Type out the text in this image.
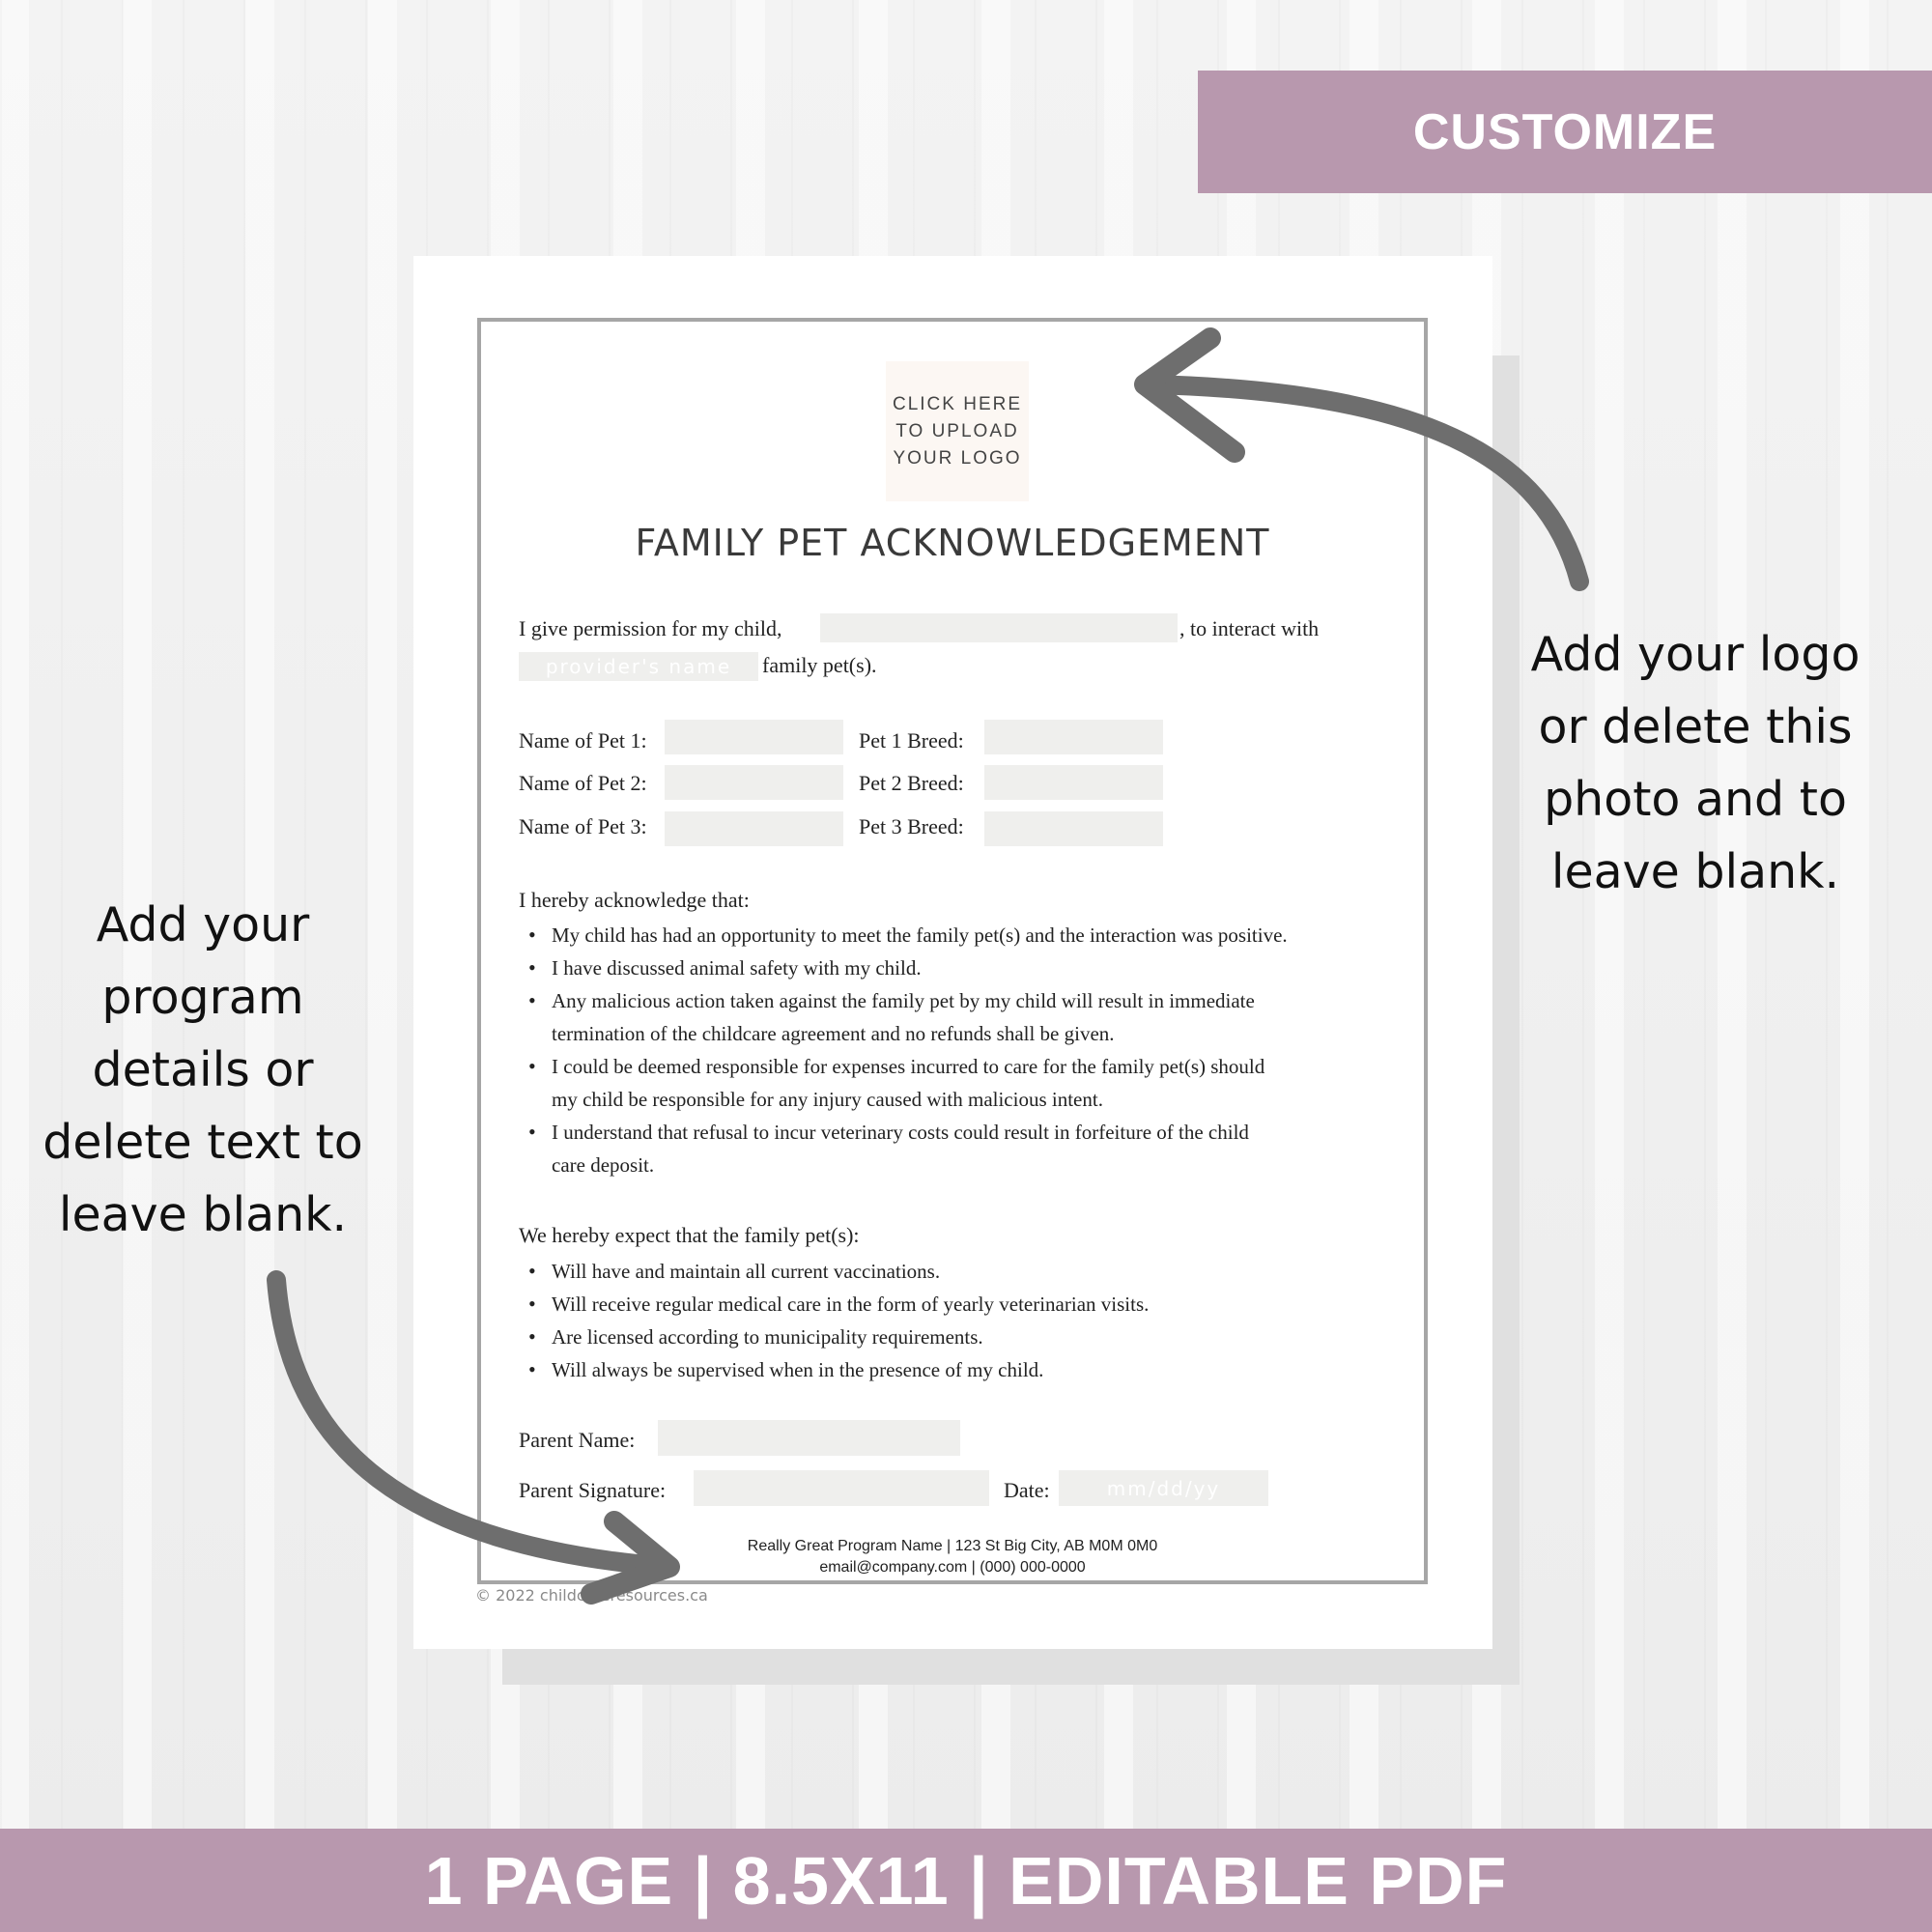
CUSTOMIZE
CLICK HERE
TO UPLOAD
YOUR LOGO
FAMILY PET ACKNOWLEDGEMENT
I give permission for my child,	, to interact with
provider's name	family pet(s).
Name of Pet 1:	Pet 1 Breed:
Name of Pet 2:	Pet 2 Breed:
Name of Pet 3:	Pet 3 Breed:
I hereby acknowledge that:
• My child has had an opportunity to meet the family pet(s) and the interaction was positive.
• I have discussed animal safety with my child.
• Any malicious action taken against the family pet by my child will result in immediate
termination of the childcare agreement and no refunds shall be given.
• I could be deemed responsible for expenses incurred to care for the family pet(s) should
my child be responsible for any injury caused with malicious intent.
• I understand that refusal to incur veterinary costs could result in forfeiture of the child
care deposit.
We hereby expect that the family pet(s):
• Will have and maintain all current vaccinations.
• Will receive regular medical care in the form of yearly veterinarian visits.
• Are licensed according to municipality requirements.
• Will always be supervised when in the presence of my child.
Parent Name:
Parent Signature:	Date:	mm/dd/yy
Really Great Program Name | 123 St Big City, AB M0M 0M0
email@company.com | (000) 000-0000
© 2022 childcareresources.ca
Add your logo
or delete this
photo and to
leave blank.
Add your
program
details or
delete text to
leave blank.
1 PAGE | 8.5X11 | EDITABLE PDF
